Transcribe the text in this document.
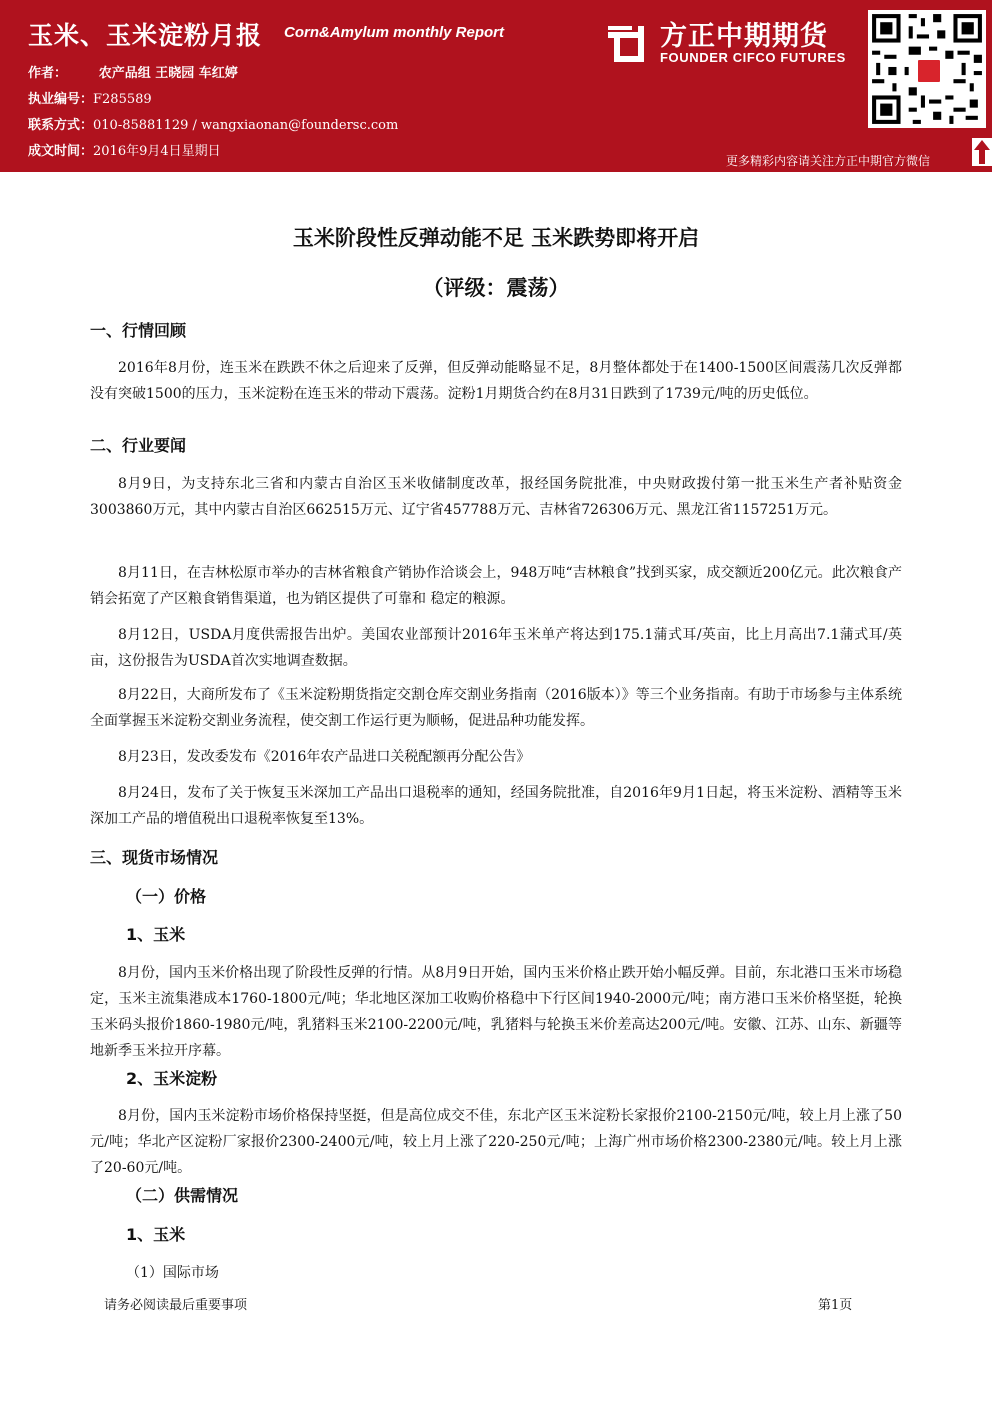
玉米、玉米淀粉月报 Corn&Amylum monthly Report
作者： 农产品组 王晓园 车红婷
执业编号：F285589
联系方式：010-85881129 / wangxiaonan@foundersc.com
成文时间：2016年9月4日星期日
方正中期期货
FOUNDER CIFCO FUTURES
更多精彩内容请关注方正中期官方微信
玉米阶段性反弹动能不足 玉米跌势即将开启
（评级：震荡）
一、行情回顾
2016年8月份，连玉米在跌跌不休之后迎来了反弹，但反弹动能略显不足，8月整体都处于在1400-1500区间震荡几次反弹都没有突破1500的压力，玉米淀粉在连玉米的带动下震荡。淀粉1月期货合约在8月31日跌到了1739元/吨的历史低位。
二、行业要闻
8月9日，为支持东北三省和内蒙古自治区玉米收储制度改革，报经国务院批准，中央财政拨付第一批玉米生产者补贴资金3003860万元，其中内蒙古自治区662515万元、辽宁省457788万元、吉林省726306万元、黑龙江省1157251万元。
8月11日，在吉林松原市举办的吉林省粮食产销协作洽谈会上，948万吨“吉林粮食”找到买家，成交额近200亿元。此次粮食产销会拓宽了产区粮食销售渠道，也为销区提供了可靠和 稳定的粮源。
8月12日，USDA月度供需报告出炉。美国农业部预计2016年玉米单产将达到175.1蒲式耳/英亩，比上月高出7.1蒲式耳/英亩，这份报告为USDA首次实地调查数据。
8月22日，大商所发布了《玉米淀粉期货指定交割仓库交割业务指南（2016版本）》等三个业务指南。有助于市场参与主体系统全面掌握玉米淀粉交割业务流程，使交割工作运行更为顺畅，促进品种功能发挥。
8月23日，发改委发布《2016年农产品进口关税配额再分配公告》
8月24日，发布了关于恢复玉米深加工产品出口退税率的通知，经国务院批准，自2016年9月1日起，将玉米淀粉、酒精等玉米深加工产品的增值税出口退税率恢复至13%。
三、现货市场情况
（一）价格
1、玉米
8月份，国内玉米价格出现了阶段性反弹的行情。从8月9日开始，国内玉米价格止跌开始小幅反弹。目前，东北港口玉米市场稳定，玉米主流集港成本1760-1800元/吨；华北地区深加工收购价格稳中下行区间1940-2000元/吨；南方港口玉米价格坚挺，轮换玉米码头报价1860-1980元/吨，乳猪料玉米2100-2200元/吨，乳猪料与轮换玉米价差高达200元/吨。安徽、江苏、山东、新疆等地新季玉米拉开序幕。
2、玉米淀粉
8月份，国内玉米淀粉市场价格保持坚挺，但是高位成交不佳，东北产区玉米淀粉长家报价2100-2150元/吨，较上月上涨了50元/吨；华北产区淀粉厂家报价2300-2400元/吨，较上月上涨了220-250元/吨；上海广州市场价格2300-2380元/吨。较上月上涨了20-60元/吨。
（二）供需情况
1、玉米
（1）国际市场
请务必阅读最后重要事项	第1页
